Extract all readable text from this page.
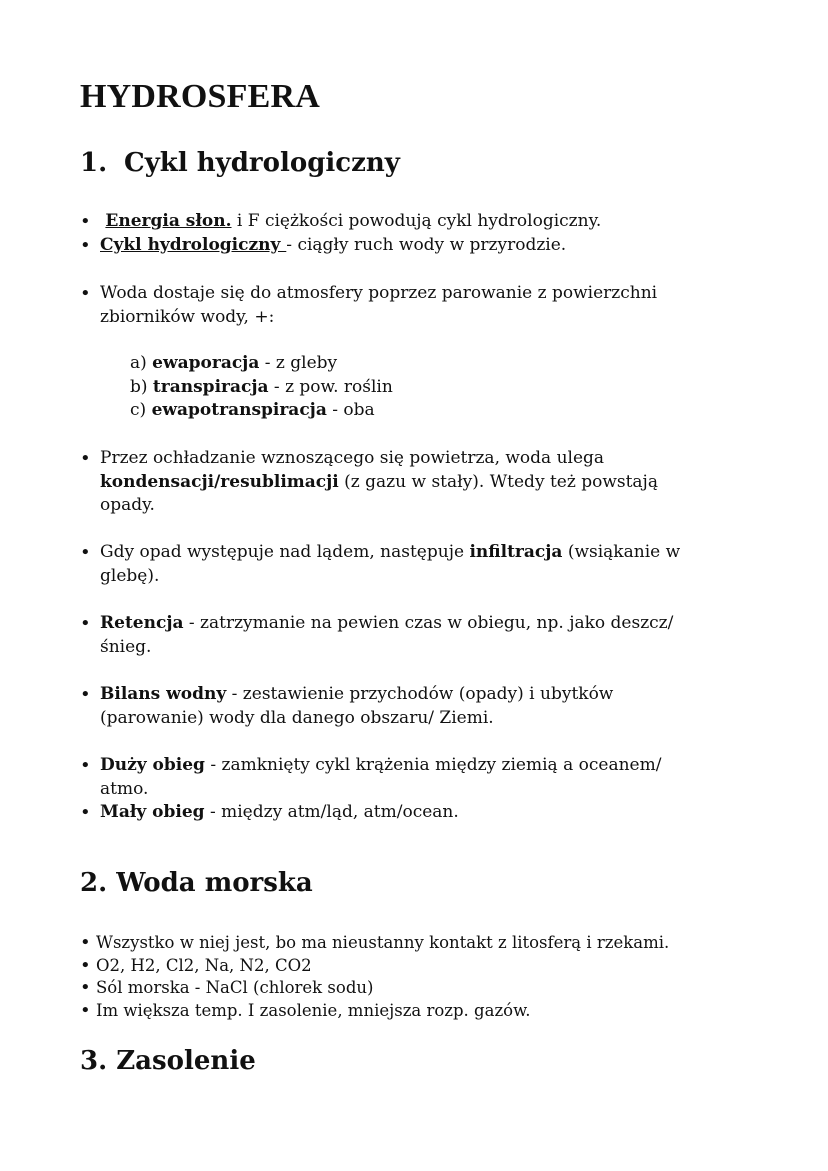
HYDROSFERA
1. Cykl hydrologiczny
• Energia słon. i F ciężkości powodują cykl hydrologiczny.
• Cykl hydrologiczny - ciągły ruch wody w przyrodzie.
• Woda dostaje się do atmosfery poprzez parowanie z powierzchni
zbiorników wody, +:
a) ewaporacja - z gleby
b) transpiracja - z pow. roślin
c) ewapotranspiracja - oba
• Przez ochładzanie wznoszącego się powietrza, woda ulega
kondensacji/resublimacji (z gazu w stały). Wtedy też powstają
opady.
• Gdy opad występuje nad lądem, następuje infiltracja (wsiąkanie w
glebę).
• Retencja - zatrzymanie na pewien czas w obiegu, np. jako deszcz/
śnieg.
• Bilans wodny - zestawienie przychodów (opady) i ubytków
(parowanie) wody dla danego obszaru/ Ziemi.
• Duży obieg - zamknięty cykl krążenia między ziemią a oceanem/
atmo.
• Mały obieg - między atm/ląd, atm/ocean.
2. Woda morska
• Wszystko w niej jest, bo ma nieustanny kontakt z litosferą i rzekami.
• O2, H2, Cl2, Na, N2, CO2
• Sól morska - NaCl (chlorek sodu)
• Im większa temp. I zasolenie, mniejsza rozp. gazów.
3. Zasolenie
